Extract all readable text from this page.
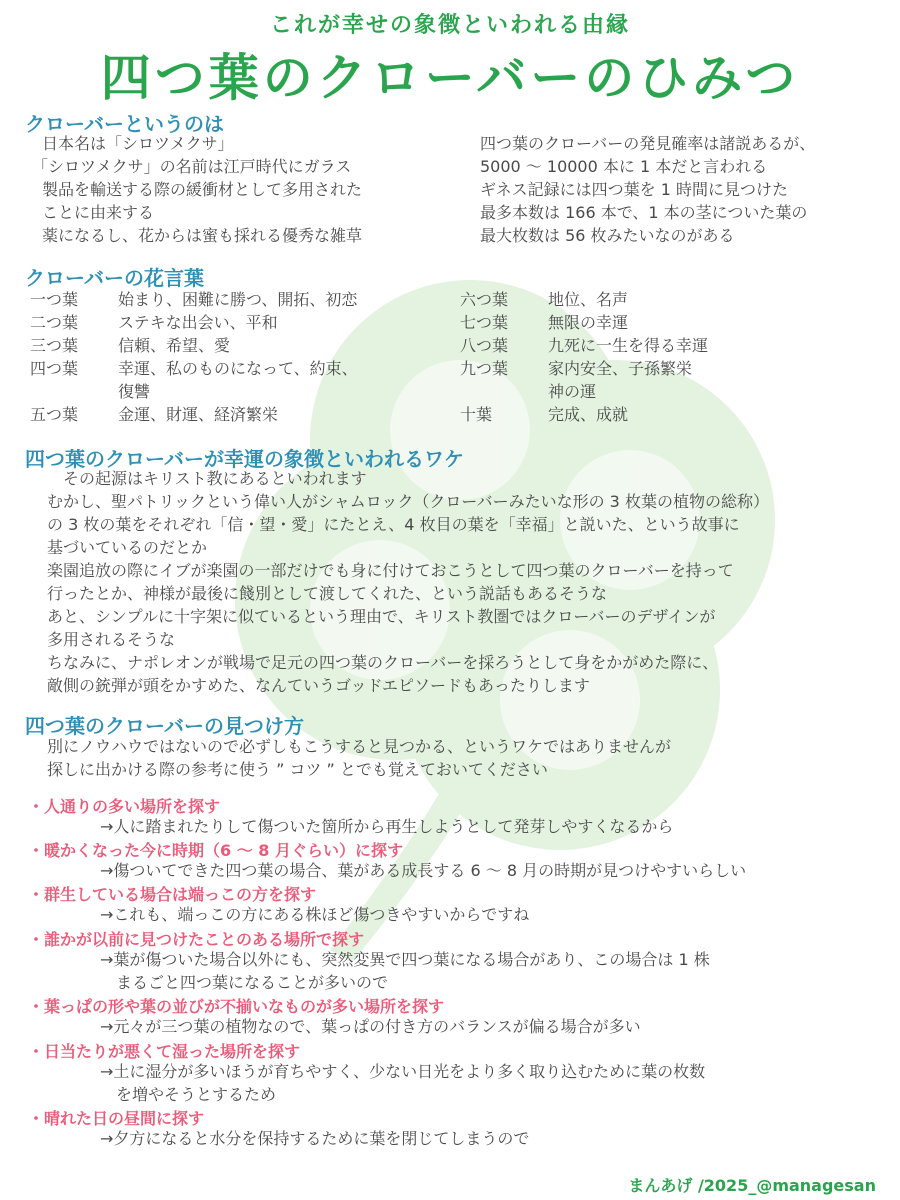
これが幸せの象徴といわれる由縁
四つ葉のクローバーのひみつ
クローバーというのは
日本名は「シロツメクサ」
「シロツメクサ」の名前は江戸時代にガラス
製品を輸送する際の緩衝材として多用された
ことに由来する
薬になるし、花からは蜜も採れる優秀な雑草
四つ葉のクローバーの発見確率は諸説あるが、
5000 ～ 10000 本に 1 本だと言われる
ギネス記録には四つ葉を 1 時間に見つけた
最多本数は 166 本で、1 本の茎についた葉の
最大枚数は 56 枚みたいなのがある
クローバーの花言葉
一つ葉 始まり、困難に勝つ、開拓、初恋
二つ葉 ステキな出会い、平和
三つ葉 信頼、希望、愛
四つ葉 幸運、私のものになって、約束、
復讐
五つ葉 金運、財運、経済繁栄
六つ葉 地位、名声
七つ葉 無限の幸運
八つ葉 九死に一生を得る幸運
九つ葉 家内安全、子孫繁栄
神の運
十葉	完成、成就
四つ葉のクローバーが幸運の象徴といわれるワケ
その起源はキリスト教にあるといわれます
むかし、聖パトリックという偉い人がシャムロック（クローバーみたいな形の 3 枚葉の植物の総称）
の 3 枚の葉をそれぞれ「信・望・愛」にたとえ、4 枚目の葉を「幸福」と説いた、という故事に
基づいているのだとか
楽園追放の際にイブが楽園の一部だけでも身に付けておこうとして四つ葉のクローバーを持って
行ったとか、神様が最後に餞別として渡してくれた、という説話もあるそうな
あと、シンプルに十字架に似ているという理由で、キリスト教圏ではクローバーのデザインが
多用されるそうな
ちなみに、ナポレオンが戦場で足元の四つ葉のクローバーを採ろうとして身をかがめた際に、
敵側の銃弾が頭をかすめた、なんていうゴッドエピソードもあったりします
四つ葉のクローバーの見つけ方
別にノウハウではないので必ずしもこうすると見つかる、というワケではありませんが
探しに出かける際の参考に使う ” コツ ” とでも覚えておいてください
・人通りの多い場所を探す
→人に踏まれたりして傷ついた箇所から再生しようとして発芽しやすくなるから
・暖かくなった今に時期（6 ～ 8 月ぐらい）に探す
→傷ついてできた四つ葉の場合、葉がある成長する 6 ～ 8 月の時期が見つけやすいらしい
・群生している場合は端っこの方を探す
→これも、端っこの方にある株ほど傷つきやすいからですね
・誰かが以前に見つけたことのある場所で探す
→葉が傷ついた場合以外にも、突然変異で四つ葉になる場合があり、この場合は 1 株
　まるごと四つ葉になることが多いので
・葉っぱの形や葉の並びが不揃いなものが多い場所を探す
→元々が三つ葉の植物なので、葉っぱの付き方のバランスが偏る場合が多い
・日当たりが悪くて湿った場所を探す
→土に湿分が多いほうが育ちやすく、少ない日光をより多く取り込むために葉の枚数
　を増やそうとするため
・晴れた日の昼間に探す
→夕方になると水分を保持するために葉を閉じてしまうので
まんあげ /2025_@managesan
